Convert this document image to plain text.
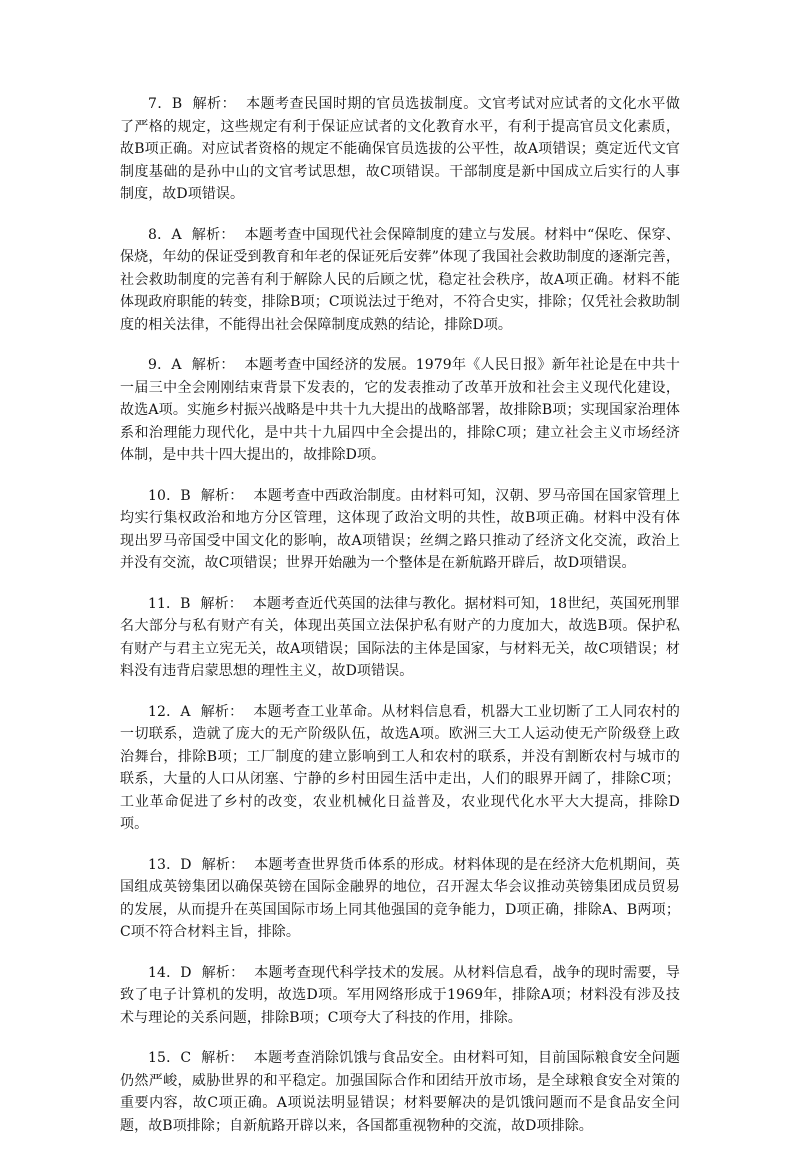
7．B 解析： 本题考查民国时期的官员选拔制度。文官考试对应试者的文化水平做了严格的规定，这些规定有利于保证应试者的文化教育水平，有利于提高官员文化素质，故B项正确。对应试者资格的规定不能确保官员选拔的公平性，故A项错误；奠定近代文官制度基础的是孙中山的文官考试思想，故C项错误。干部制度是新中国成立后实行的人事制度，故D项错误。

8．A 解析： 本题考查中国现代社会保障制度的建立与发展。材料中“保吃、保穿、保烧，年幼的保证受到教育和年老的保证死后安葬”体现了我国社会救助制度的逐渐完善，社会救助制度的完善有利于解除人民的后顾之忧，稳定社会秩序，故A项正确。材料不能体现政府职能的转变，排除B项；C项说法过于绝对，不符合史实，排除；仅凭社会救助制度的相关法律，不能得出社会保障制度成熟的结论，排除D项。

9．A 解析： 本题考查中国经济的发展。1979年《人民日报》新年社论是在中共十一届三中全会刚刚结束背景下发表的，它的发表推动了改革开放和社会主义现代化建设，故选A项。实施乡村振兴战略是中共十九大提出的战略部署，故排除B项；实现国家治理体系和治理能力现代化，是中共十九届四中全会提出的，排除C项；建立社会主义市场经济体制，是中共十四大提出的，故排除D项。

10．B 解析： 本题考查中西政治制度。由材料可知，汉朝、罗马帝国在国家管理上均实行集权政治和地方分区管理，这体现了政治文明的共性，故B项正确。材料中没有体现出罗马帝国受中国文化的影响，故A项错误；丝绸之路只推动了经济文化交流，政治上并没有交流，故C项错误；世界开始融为一个整体是在新航路开辟后，故D项错误。

11．B 解析： 本题考查近代英国的法律与教化。据材料可知，18世纪，英国死刑罪名大部分与私有财产有关，体现出英国立法保护私有财产的力度加大，故选B项。保护私有财产与君主立宪无关，故A项错误；国际法的主体是国家，与材料无关，故C项错误；材料没有违背启蒙思想的理性主义，故D项错误。

12．A 解析： 本题考查工业革命。从材料信息看，机器大工业切断了工人同农村的一切联系，造就了庞大的无产阶级队伍，故选A项。欧洲三大工人运动使无产阶级登上政治舞台，排除B项；工厂制度的建立影响到工人和农村的联系，并没有割断农村与城市的联系，大量的人口从闭塞、宁静的乡村田园生活中走出，人们的眼界开阔了，排除C项；工业革命促进了乡村的改变，农业机械化日益普及，农业现代化水平大大提高，排除D项。

13．D 解析： 本题考查世界货币体系的形成。材料体现的是在经济大危机期间，英国组成英镑集团以确保英镑在国际金融界的地位，召开渥太华会议推动英镑集团成员贸易的发展，从而提升在英国国际市场上同其他强国的竞争能力，D项正确，排除A、B两项；C项不符合材料主旨，排除。

14．D 解析： 本题考查现代科学技术的发展。从材料信息看，战争的现时需要，导致了电子计算机的发明，故选D项。军用网络形成于1969年，排除A项；材料没有涉及技术与理论的关系问题，排除B项；C项夸大了科技的作用，排除。

15．C 解析： 本题考查消除饥饿与食品安全。由材料可知，目前国际粮食安全问题仍然严峻，威胁世界的和平稳定。加强国际合作和团结开放市场，是全球粮食安全对策的重要内容，故C项正确。A项说法明显错误；材料要解决的是饥饿问题而不是食品安全问题，故B项排除；自新航路开辟以来，各国都重视物种的交流，故D项排除。
